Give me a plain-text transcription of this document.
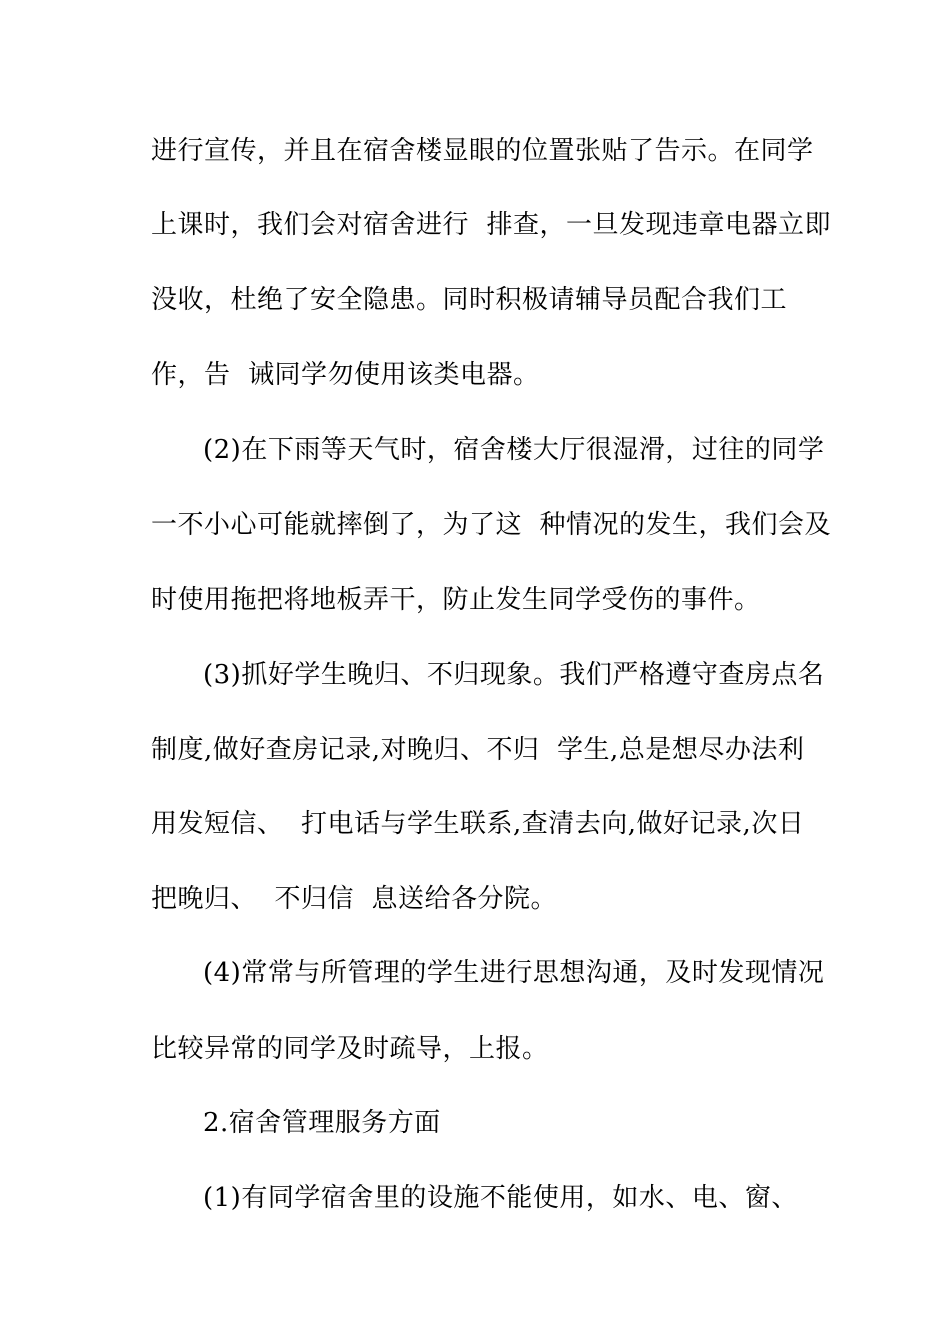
进行宣传，并且在宿舍楼显眼的位置张贴了告示。在同学
上课时，我们会对宿舍进行  排查，一旦发现违章电器立即
没收，杜绝了安全隐患。同时积极请辅导员配合我们工
作，告  诫同学勿使用该类电器。
(2)在下雨等天气时，宿舍楼大厅很湿滑，过往的同学
一不小心可能就摔倒了，为了这  种情况的发生，我们会及
时使用拖把将地板弄干，防止发生同学受伤的事件。
(3)抓好学生晚归、不归现象。我们严格遵守查房点名
制度,做好查房记录,对晚归、不归  学生,总是想尽办法利
用发短信、  打电话与学生联系,查清去向,做好记录,次日
把晚归、  不归信  息送给各分院。
(4)常常与所管理的学生进行思想沟通，及时发现情况
比较异常的同学及时疏导，上报。
2.宿舍管理服务方面
(1)有同学宿舍里的设施不能使用，如水、电、窗、
